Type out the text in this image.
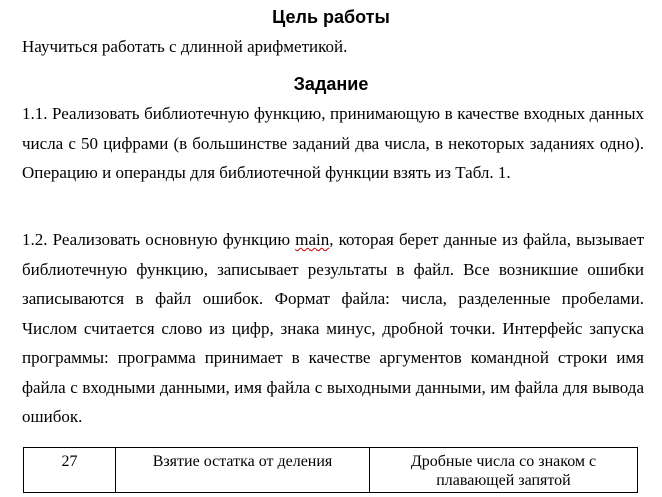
Цель работы
Научиться работать с длинной арифметикой.
Задание
1.1. Реализовать библиотечную функцию, принимающую в качестве входных данных числа с 50 цифрами (в большинстве заданий два числа, в некоторых заданиях одно). Операцию и операнды для библиотечной функции взять из Табл. 1.
1.2. Реализовать основную функцию main, которая берет данные из файла, вызывает библиотечную функцию, записывает результаты в файл. Все возникшие ошибки записываются в файл ошибок. Формат файла: числа, разделенные пробелами. Числом считается слово из цифр, знака минус, дробной точки. Интерфейс запуска программы: программа принимает в качестве аргументов командной строки имя файла с входными данными, имя файла с выходными данными, им файла для вывода ошибок.
27	Взятие остатка от деления	Дробные числа со знаком с плавающей запятой
